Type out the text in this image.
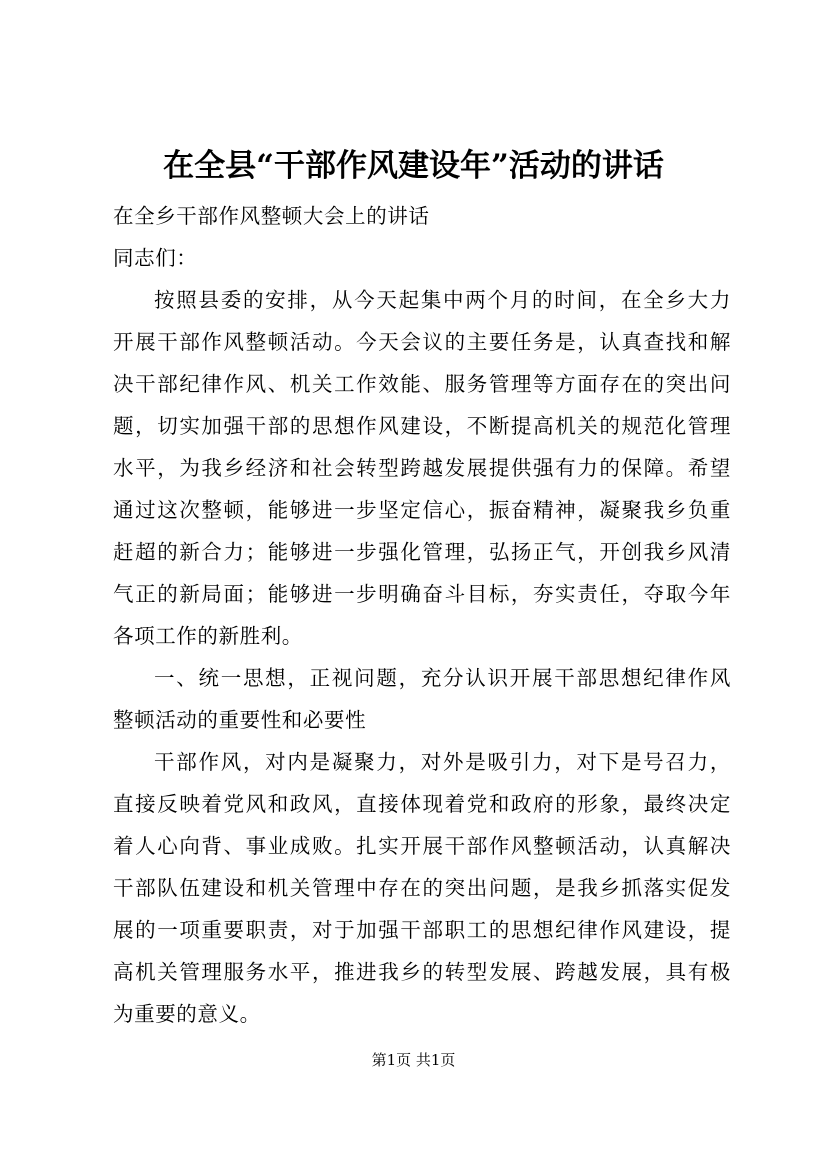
在全县“干部作风建设年”活动的讲话

在全乡干部作风整顿大会上的讲话

同志们：

按照县委的安排，从今天起集中两个月的时间，在全乡大力

开展干部作风整顿活动。今天会议的主要任务是，认真查找和解

决干部纪律作风、机关工作效能、服务管理等方面存在的突出问

题，切实加强干部的思想作风建设，不断提高机关的规范化管理

水平，为我乡经济和社会转型跨越发展提供强有力的保障。希望

通过这次整顿，能够进一步坚定信心，振奋精神，凝聚我乡负重

赶超的新合力；能够进一步强化管理，弘扬正气，开创我乡风清

气正的新局面；能够进一步明确奋斗目标，夯实责任，夺取今年

各项工作的新胜利。

一、统一思想，正视问题，充分认识开展干部思想纪律作风

整顿活动的重要性和必要性

干部作风，对内是凝聚力，对外是吸引力，对下是号召力，

直接反映着党风和政风，直接体现着党和政府的形象，最终决定

着人心向背、事业成败。扎实开展干部作风整顿活动，认真解决

干部队伍建设和机关管理中存在的突出问题，是我乡抓落实促发

展的一项重要职责，对于加强干部职工的思想纪律作风建设，提

高机关管理服务水平，推进我乡的转型发展、跨越发展，具有极

为重要的意义。

第1页 共1页
